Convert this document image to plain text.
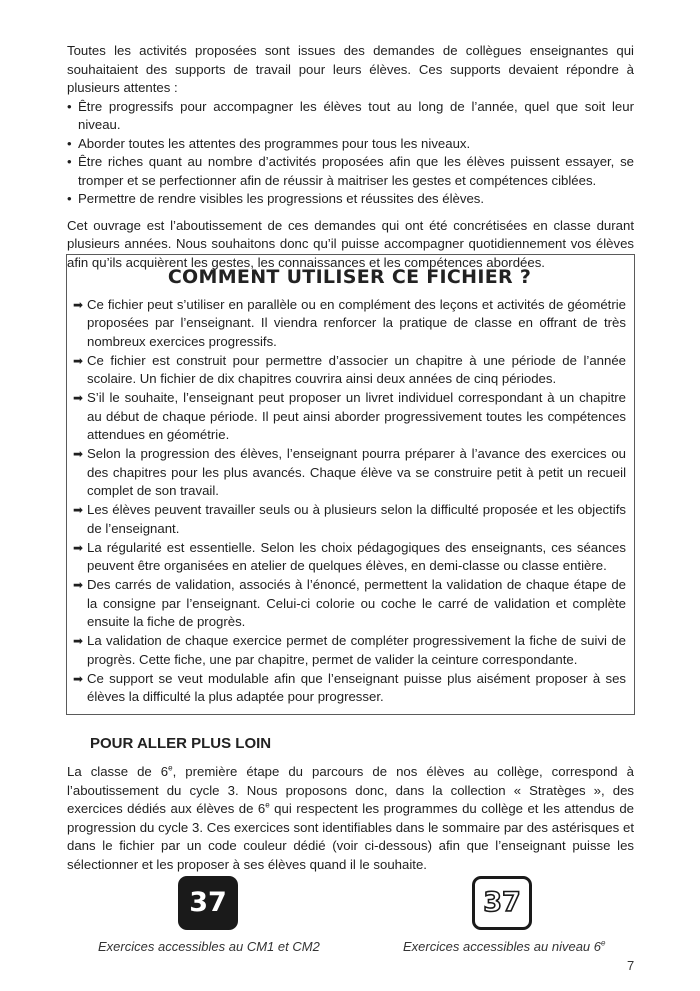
Toutes les activités proposées sont issues des demandes de collègues enseignantes qui souhaitaient des supports de travail pour leurs élèves. Ces supports devaient répondre à plusieurs attentes :

• Être progressifs pour accompagner les élèves tout au long de l’année, quel que soit leur niveau.
• Aborder toutes les attentes des programmes pour tous les niveaux.
• Être riches quant au nombre d’activités proposées afin que les élèves puissent essayer, se tromper et se perfectionner afin de réussir à maitriser les gestes et compétences ciblées.
• Permettre de rendre visibles les progressions et réussites des élèves.

Cet ouvrage est l’aboutissement de ces demandes qui ont été concrétisées en classe durant plusieurs années. Nous souhaitons donc qu’il puisse accompagner quotidiennement vos élèves afin qu’ils acquièrent les gestes, les connaissances et les compétences abordées.

COMMENT UTILISER CE FICHIER ?
➡ Ce fichier peut s’utiliser en parallèle ou en complément des leçons et activités de géométrie proposées par l’enseignant. Il viendra renforcer la pratique de classe en offrant de très nombreux exercices progressifs.
➡ Ce fichier est construit pour permettre d’associer un chapitre à une période de l’année scolaire. Un fichier de dix chapitres couvrira ainsi deux années de cinq périodes.
➡ S’il le souhaite, l’enseignant peut proposer un livret individuel correspondant à un chapitre au début de chaque période. Il peut ainsi aborder progressivement toutes les compétences attendues en géométrie.
➡ Selon la progression des élèves, l’enseignant pourra préparer à l’avance des exercices ou des chapitres pour les plus avancés. Chaque élève va se construire petit à petit un recueil complet de son travail.
➡ Les élèves peuvent travailler seuls ou à plusieurs selon la difficulté proposée et les objectifs de l’enseignant.
➡ La régularité est essentielle. Selon les choix pédagogiques des enseignants, ces séances peuvent être organisées en atelier de quelques élèves, en demi-classe ou classe entière.
➡ Des carrés de validation, associés à l’énoncé, permettent la validation de chaque étape de la consigne par l’enseignant. Celui-ci colorie ou coche le carré de validation et complète ensuite la fiche de progrès.
➡ La validation de chaque exercice permet de compléter progressivement la fiche de suivi de progrès. Cette fiche, une par chapitre, permet de valider la ceinture correspondante.
➡ Ce support se veut modulable afin que l’enseignant puisse plus aisément proposer à ses élèves la difficulté la plus adaptée pour progresser.
POUR ALLER PLUS LOIN

La classe de 6e, première étape du parcours de nos élèves au collège, correspond à l’aboutissement du cycle 3. Nous proposons donc, dans la collection « Stratèges », des exercices dédiés aux élèves de 6e qui respectent les programmes du collège et les attendus de progression du cycle 3. Ces exercices sont identifiables dans le sommaire par des astérisques et dans le fichier par un code couleur dédié (voir ci-dessous) afin que l’enseignant puisse les sélectionner et les proposer à ses élèves quand il le souhaite.

37	37
Exercices accessibles au CM1 et CM2	Exercices accessibles au niveau 6e
7
